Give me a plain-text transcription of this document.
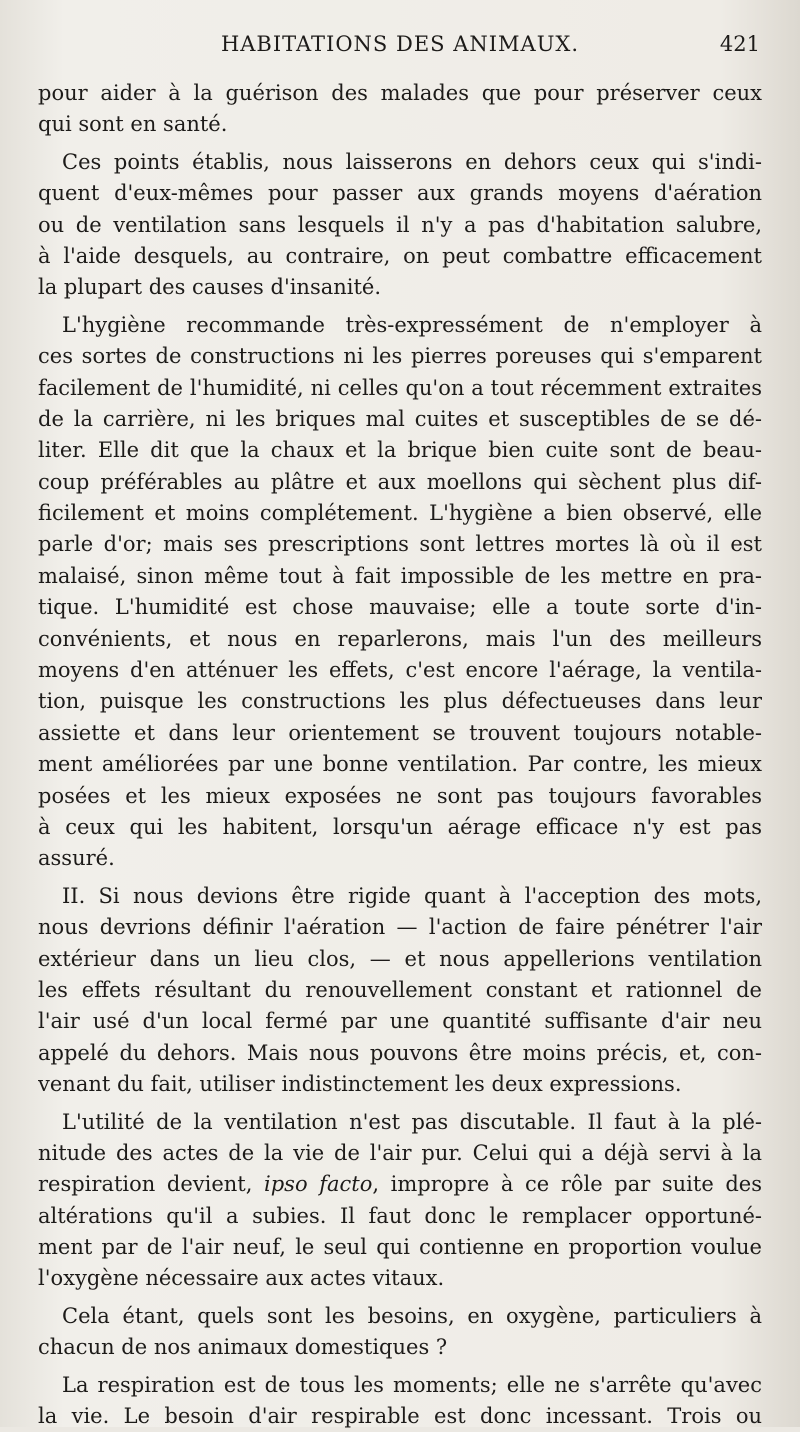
HABITATIONS DES ANIMAUX.	421
pour aider à la guérison des malades que pour préserver ceux
qui sont en santé.
Ces points établis, nous laisserons en dehors ceux qui s'indi-
quent d'eux-mêmes pour passer aux grands moyens d'aération
ou de ventilation sans lesquels il n'y a pas d'habitation salubre,
à l'aide desquels, au contraire, on peut combattre efficacement
la plupart des causes d'insanité.
L'hygiène recommande très-expressément de n'employer à
ces sortes de constructions ni les pierres poreuses qui s'emparent
facilement de l'humidité, ni celles qu'on a tout récemment extraites
de la carrière, ni les briques mal cuites et susceptibles de se dé-
liter. Elle dit que la chaux et la brique bien cuite sont de beau-
coup préférables au plâtre et aux moellons qui sèchent plus dif-
ficilement et moins complétement. L'hygiène a bien observé, elle
parle d'or; mais ses prescriptions sont lettres mortes là où il est
malaisé, sinon même tout à fait impossible de les mettre en pra-
tique. L'humidité est chose mauvaise; elle a toute sorte d'in-
convénients, et nous en reparlerons, mais l'un des meilleurs
moyens d'en atténuer les effets, c'est encore l'aérage, la ventila-
tion, puisque les constructions les plus défectueuses dans leur
assiette et dans leur orientement se trouvent toujours notable-
ment améliorées par une bonne ventilation. Par contre, les mieux
posées et les mieux exposées ne sont pas toujours favorables
à ceux qui les habitent, lorsqu'un aérage efficace n'y est pas
assuré.
II. Si nous devions être rigide quant à l'acception des mots,
nous devrions définir l'aération — l'action de faire pénétrer l'air
extérieur dans un lieu clos, — et nous appellerions ventilation
les effets résultant du renouvellement constant et rationnel de
l'air usé d'un local fermé par une quantité suffisante d'air neu
appelé du dehors. Mais nous pouvons être moins précis, et, con-
venant du fait, utiliser indistinctement les deux expressions.
L'utilité de la ventilation n'est pas discutable. Il faut à la plé-
nitude des actes de la vie de l'air pur. Celui qui a déjà servi à la
respiration devient, ipso facto, impropre à ce rôle par suite des
altérations qu'il a subies. Il faut donc le remplacer opportuné-
ment par de l'air neuf, le seul qui contienne en proportion voulue
l'oxygène nécessaire aux actes vitaux.
Cela étant, quels sont les besoins, en oxygène, particuliers à
chacun de nos animaux domestiques ?
La respiration est de tous les moments; elle ne s'arrête qu'avec
la vie. Le besoin d'air respirable est donc incessant. Trois ou
